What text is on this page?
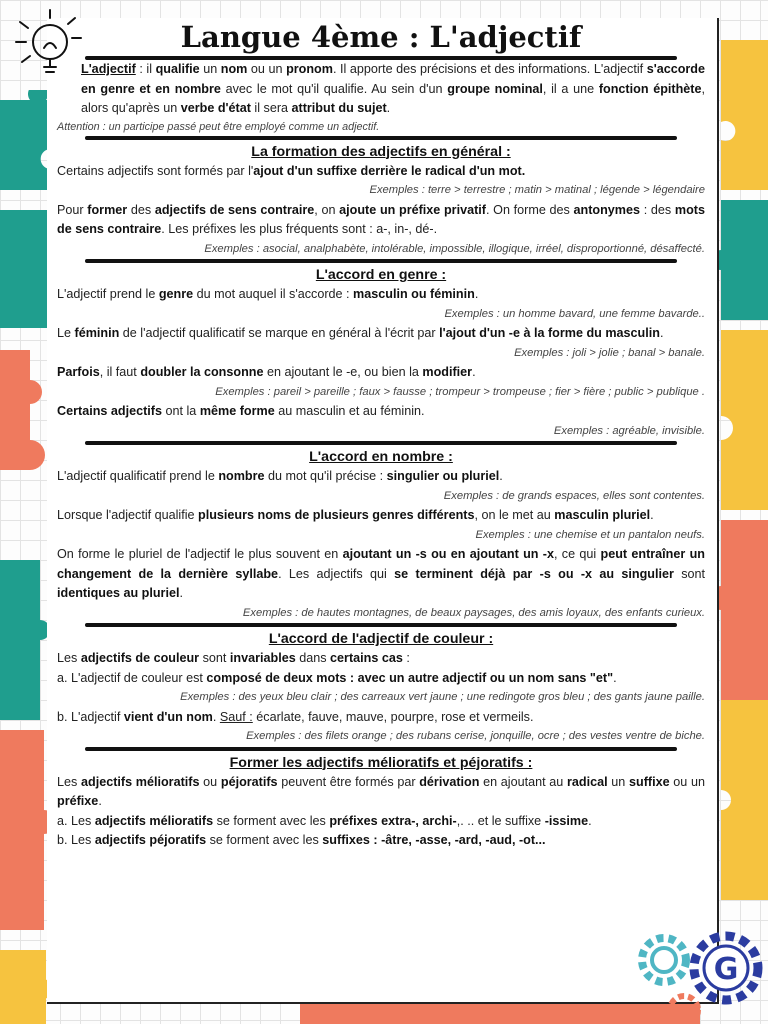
Langue 4ème : L'adjectif

L'adjectif : il qualifie un nom ou un pronom. Il apporte des précisions et des informations. L'adjectif s'accorde en genre et en nombre avec le mot qu'il qualifie. Au sein d'un groupe nominal, il a une fonction épithète, alors qu'après un verbe d'état il sera attribut du sujet.

Attention : un participe passé peut être employé comme un adjectif.

La formation des adjectifs en général :

Certains adjectifs sont formés par l'ajout d'un suffixe derrière le radical d'un mot.

Exemples : terre > terrestre ; matin > matinal ; légende > légendaire

Pour former des adjectifs de sens contraire, on ajoute un préfixe privatif. On forme des antonymes : des mots de sens contraire. Les préfixes les plus fréquents sont : a-, in-, dé-.

Exemples : asocial, analphabète, intolérable, impossible, illogique, irréel, disproportionné, désaffecté.

L'accord en genre :

L'adjectif prend le genre du mot auquel il s'accorde : masculin ou féminin.

Exemples : un homme bavard, une femme bavarde..

Le féminin de l'adjectif qualificatif se marque en général à l'écrit par l'ajout d'un -e à la forme du masculin.

Exemples : joli > jolie ; banal > banale.

Parfois, il faut doubler la consonne en ajoutant le -e, ou bien la modifier.

Exemples : pareil > pareille ; faux > fausse ; trompeur > trompeuse ; fier > fière ; public > publique .

Certains adjectifs ont la même forme au masculin et au féminin.

Exemples : agréable, invisible.

L'accord en nombre :

L'adjectif qualificatif prend le nombre du mot qu'il précise : singulier ou pluriel.

Exemples : de grands espaces, elles sont contentes.

Lorsque l'adjectif qualifie plusieurs noms de plusieurs genres différents, on le met au masculin pluriel.

Exemples : une chemise et un pantalon neufs.

On forme le pluriel de l'adjectif le plus souvent en ajoutant un -s ou en ajoutant un -x, ce qui peut entraîner un changement de la dernière syllabe. Les adjectifs qui se terminent déjà par -s ou -x au singulier sont identiques au pluriel.

Exemples : de hautes montagnes, de beaux paysages, des amis loyaux, des enfants curieux.

L'accord de l'adjectif de couleur :

Les adjectifs de couleur sont invariables dans certains cas :

a. L'adjectif de couleur est composé de deux mots : avec un autre adjectif ou un nom sans "et".

Exemples : des yeux bleu clair ; des carreaux vert jaune ; une redingote gros bleu ; des gants jaune paille.

b. L'adjectif vient d'un nom. Sauf : écarlate, fauve, mauve, pourpre, rose et vermeils.

Exemples : des filets orange ; des rubans cerise, jonquille, ocre ; des vestes ventre de biche.

Former les adjectifs mélioratifs et péjoratifs :

Les adjectifs mélioratifs ou péjoratifs peuvent être formés par dérivation en ajoutant au radical un suffixe ou un préfixe.

a. Les adjectifs mélioratifs se forment avec les préfixes extra-, archi-,. .. et le suffixe -issime.

b. Les adjectifs péjoratifs se forment avec les suffixes : -âtre, -asse, -ard, -aud, -ot...

G
